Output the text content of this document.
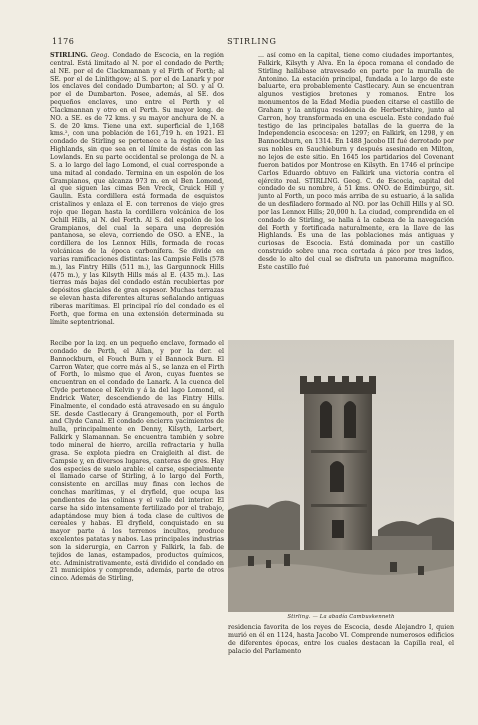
1176	STIRLING

STIRLING. Geog. Condado de Escocia, en la región central. Está limitado al N. por el condado de Perth; al NE. por el de Clackmannan y el Firth of Forth; al SE. por el de Linlithgow; al S. por el de Lanark y por los enclaves del condado Dumbarton; al SO. y al O. por el de Dumbarton. Posee, además, al SE. dos pequeños enclaves, uno entre el Perth y el Clackmannan y otro en el Perth. Su mayor long. de NO. a SE. es de 72 kms. y su mayor anchura de N. a S. de 20 kms. Tiene una ext. superficial de 1,168 kms.², con una población de 161,719 h. en 1921. El condado de Stirling se pertenece a la región de las Highlands, sin que sea en el límite de éstas con las Lowlands. En su parte occidental se prolonga de N. a S. a lo largo del lago Lomond, el cual corresponde a una mitad al condado. Termina en un espolón de los Grampianos, que alcanza 973 m. en el Ben Lomond, al que siguen las cimas Ben Vreck, Cruick Hill y Gaulin. Esta cordillera está formada de esquistos cristalinos y enlaza el E. con terrenos de viejo gres rojo que llegan hasta la cordillera volcánica de los Ochill Hills, al N. del Forth. Al S. del espolón de los Grampianos, del cual la separa una depresión pantanosa, se eleva, corriendo de OSO. a ENE., la cordillera de los Lennox Hills, formada de rocas volcánicas de la época carbonífera. Se divide en varias ramificaciones distintas: las Campsie Fells (578 m.), las Fintry Hills (511 m.), las Gargunnock Hills (475 m.), y las Kilsyth Hills más al E. (435 m.). Las tierras más bajas del condado están recubiertas por depósitos glaciales de gran espesor. Muchas terrazas se elevan hasta diferentes alturas señalando antiguas riberas marítimas. El principal río del condado es el Forth, que forma en una extensión determinada su límite septentrional.

... así como en la capital, tiene como ciudades importantes, Falkirk, Kilsyth y Alva. En la época romana el condado de Stirling hallábase atravesado en parte por la muralla de Antonino. La estación principal, fundada a lo largo de este baluarte, era probablemente Castlecary. Aun se encuentran algunos vestigios bretones y romanos. Entre los monumentos de la Edad Media pueden citarse el castillo de Graham y la antigua residencia de Herbertshire, junto al Carron, hoy transformada en una escuela. Este condado fué testigo de las principales batallas de la guerra de la Independencia escocesa: en 1297; en Falkirk, en 1298, y en Bannockburn, en 1314. En 1488 Jacobo III fué derrotado por sus nobles en Sauchieburn y después asesinado en Milton, no lejos de este sitio. En 1645 los partidarios del Covenant fueron batidos por Montrose en Kilsyth. En 1746 el príncipe Carlos Eduardo obtuvo en Falkirk una victoria contra el ejército real. STIRLING. Geog. C. de Escocia, capital del condado de su nombre, á 51 kms. ONO. de Edimburgo, sit. junto al Forth, un poco más arriba de su estuario, á la salida de un desfiladero formado al NO. por las Ochill Hills y al SO. por las Lennox Hills; 20,000 h. La ciudad, comprendida en el condado de Stirling, se halla á la cabeza de la navegación del Forth y fortificada naturalmente, era la llave de las Highlands. Es una de las poblaciones más antiguas y curiosas de Escocia. Está dominada por un castillo construido sobre una roca cortada á pico por tres lados, desde lo alto del cual se disfruta un panorama magnífico. Este castillo fué

Recibe por la izq. en un pequeño enclave, formado el condado de Perth, el Allan, y por la der. el Bannockburn, el Fouch Burn y el Bannock Burn. El Carron Water, que corre más al S., se lanza en el Firth of Forth, lo mismo que el Avon, cuyas fuentes se encuentran en el condado de Lanark. A la cuenca del Clyde pertenece el Kelvin y á la del lago Lomond, el Endrick Water, descendiendo de las Fintry Hills. Finalmente, el condado está atravesado en su ángulo SE. desde Castlecary á Grangemouth, por el Forth and Clyde Canal. El condado encierra yacimientos de hulla, principalmente en Denny, Kilsyth, Larbert, Falkirk y Slamannan. Se encuentra también y sobre todo mineral de hierro, arcilla refractaria y hulla grasa. Se explota piedra en Craigleith al dist. de Campsie y, en diversos lugares, canteras de gres. Hay dos especies de suelo arable: el carse, especialmente el llamado carse of Stirling, á lo largo del Forth, consistente en arcillas muy finas con lechos de conchas marítimas, y el dryfield, que ocupa las pendientes de las colinas y el valle del interior. El carse ha sido intensamente fertilizado por el trabajo, adaptándose muy bien á toda clase de cultivos de cereales y habas. El dryfield, conquistado en su mayor parte á los terrenos incultos, produce excelentes patatas y nabos. Las principales industrias son la siderurgia, en Carron y Falkirk, la fab. de tejidos de lanas, estampados, productos químicos, etc. Administrativamente, está dividido el condado en 21 municipios y comprende, además, parte de otros cinco. Además de Stirling,

Stirling. — La abadía Cambuskenneth

residencia favorita de los reyes de Escocia, desde Alejandro I, quien murió en él en 1124, hasta Jacobo VI. Comprende numerosos edificios de diferentes épocas, entre los cuales destacan la Capilla real, el palacio del Parlamento
